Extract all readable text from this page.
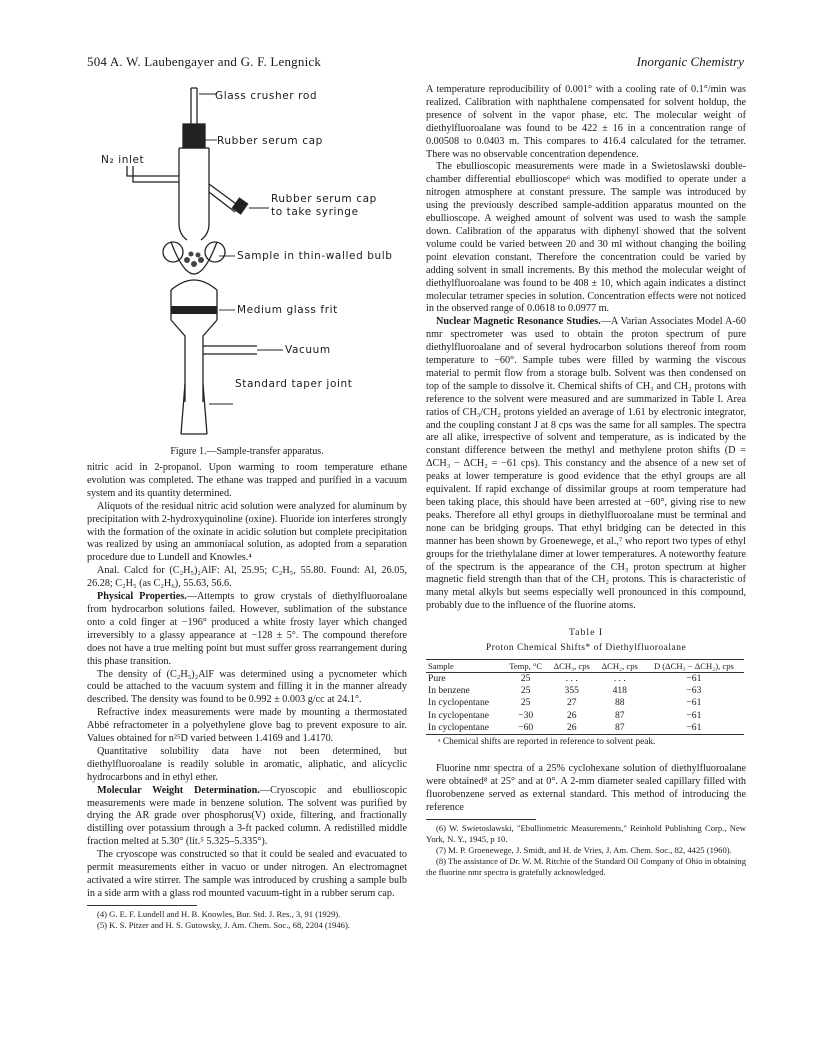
504 A. W. Laubengayer and G. F. Lengnick	Inorganic Chemistry
Glass crusher rod
Rubber serum cap
N₂ inlet
Rubber serum cap
to take syringe
Sample in thin-walled bulb
Medium glass frit
Vacuum
Standard taper joint
Figure 1.—Sample-transfer apparatus.

nitric acid in 2-propanol. Upon warming to room temperature ethane evolution was completed. The ethane was trapped and purified in a vacuum system and its quantity determined.

Aliquots of the residual nitric acid solution were analyzed for aluminum by precipitation with 2-hydroxyquinoline (oxine). Fluoride ion interferes strongly with the formation of the oxinate in acidic solution but complete precipitation was realized by using an ammoniacal solution, as adopted from a separation procedure due to Lundell and Knowles.⁴

Anal. Calcd for (C₂H₅)₂AlF: Al, 25.95; C₂H₅, 55.80. Found: Al, 26.05, 26.28; C₂H₅ (as C₂H₆), 55.63, 56.6.

Physical Properties.—Attempts to grow crystals of diethylfluoroalane from hydrocarbon solutions failed. However, sublimation of the substance onto a cold finger at −196° produced a white frosty layer which changed irreversibly to a glassy appearance at −128 ± 5°. The compound therefore does not have a true melting point but must suffer gross rearrangement during this phase transition.

The density of (C₂H₅)₂AlF was determined using a pycnometer which could be attached to the vacuum system and filling it in the manner already described. The density was found to be 0.992 ± 0.003 g/cc at 24.1°.

Refractive index measurements were made by mounting a thermostated Abbé refractometer in a polyethylene glove bag to prevent exposure to air. Values obtained for n²⁵D varied between 1.4169 and 1.4170.

Quantitative solubility data have not been determined, but diethylfluoroalane is readily soluble in aromatic, aliphatic, and alicyclic hydrocarbons and in ethyl ether.

Molecular Weight Determination.—Cryoscopic and ebullioscopic measurements were made in benzene solution. The solvent was purified by drying the AR grade over phosphorus(V) oxide, filtering, and fractionally distilling over potassium through a 3-ft packed column. A redistilled middle fraction melted at 5.30° (lit.⁵ 5.325–5.335°).

The cryoscope was constructed so that it could be sealed and evacuated to permit measurements either in vacuo or under nitrogen. An electromagnet activated a wire stirrer. The sample was introduced by crushing a sample bulb in a side arm with a glass rod mounted vacuum-tight in a rubber serum cap.

(4) G. E. F. Lundell and H. B. Knowles, Bur. Std. J. Res., 3, 91 (1929).

(5) K. S. Pitzer and H. S. Gutowsky, J. Am. Chem. Soc., 68, 2204 (1946).

A temperature reproducibility of 0.001° with a cooling rate of 0.1°/min was realized. Calibration with naphthalene compensated for solvent holdup, the presence of solvent in the vapor phase, etc. The molecular weight of diethylfluoroalane was found to be 422 ± 16 in a concentration range of 0.00508 to 0.0403 m. This compares to 416.4 calculated for the tetramer. There was no observable concentration dependence.

The ebullioscopic measurements were made in a Swietoslawski double-chamber differential ebullioscope⁶ which was modified to operate under a nitrogen atmosphere at constant pressure. The sample was introduced by using the previously described sample-addition apparatus mounted on the ebullioscope. A weighed amount of solvent was used to wash the sample down. Calibration of the apparatus with diphenyl showed that the solvent volume could be varied between 20 and 30 ml without changing the boiling point elevation constant. Therefore the concentration could be varied by adding solvent in small increments. By this method the molecular weight of diethylfluoroalane was found to be 408 ± 10, which again indicates a distinct molecular tetramer species in solution. Concentration effects were not noticed in the observed range of 0.0618 to 0.0977 m.

Nuclear Magnetic Resonance Studies.—A Varian Associates Model A-60 nmr spectrometer was used to obtain the proton spectrum of pure diethylfluoroalane and of several hydrocarbon solutions thereof from room temperature to −60°. Sample tubes were filled by warming the viscous material to permit flow from a storage bulb. Solvent was then condensed on top of the sample to dissolve it. Chemical shifts of CH₃ and CH₂ protons with reference to the solvent were measured and are summarized in Table I. Area ratios of CH₃/CH₂ protons yielded an average of 1.61 by electronic integrator, and the coupling constant J at 8 cps was the same for all samples. The spectra are all alike, irrespective of solvent and temperature, as is indicated by the constant difference between the methyl and methylene proton shifts (D = ΔCH₃ − ΔCH₂ = −61 cps). This constancy and the absence of a new set of peaks at lower temperature is good evidence that the ethyl groups are all equivalent. If rapid exchange of dissimilar groups at room temperature had been taking place, this should have been arrested at −60°, giving rise to new peaks. Therefore all ethyl groups in diethylfluoroalane must be terminal and none can be bridging groups. That ethyl bridging can be detected in this manner has been shown by Groenewege, et al.,⁷ who report two types of ethyl groups for the triethylalane dimer at lower temperatures. A noteworthy feature of the spectrum is the appearance of the CH₃ proton spectrum at higher magnetic field strength than that of the CH₂ protons. This is characteristic of many metal alkyls but seems especially well pronounced in this compound, probably due to the influence of the fluorine atoms.

Table I
Proton Chemical Shifts* of Diethylfluoroalane
Sample	Temp, °C	ΔCH₃, cps	ΔCH₂, cps	D (ΔCH₃ − ΔCH₂), cps
Pure	25	. . .	. . .	−61
In benzene	25	355	418	−63
In cyclopentane	25	27	88	−61
In cyclopentane	−30	26	87	−61
In cyclopentane	−60	26	87	−61
ᵃ Chemical shifts are reported in reference to solvent peak.

Fluorine nmr spectra of a 25% cyclohexane solution of diethylfluoroalane were obtained⁸ at 25° and at 0°. A 2-mm diameter sealed capillary filled with fluorobenzene served as external standard. This method of introducing the reference

(6) W. Swietoslawski, "Ebulliometric Measurements," Reinhold Publishing Corp., New York, N. Y., 1945, p 10.

(7) M. P. Groenewege, J. Smidt, and H. de Vries, J. Am. Chem. Soc., 82, 4425 (1960).

(8) The assistance of Dr. W. M. Ritchie of the Standard Oil Company of Ohio in obtaining the fluorine nmr spectra is gratefully acknowledged.
